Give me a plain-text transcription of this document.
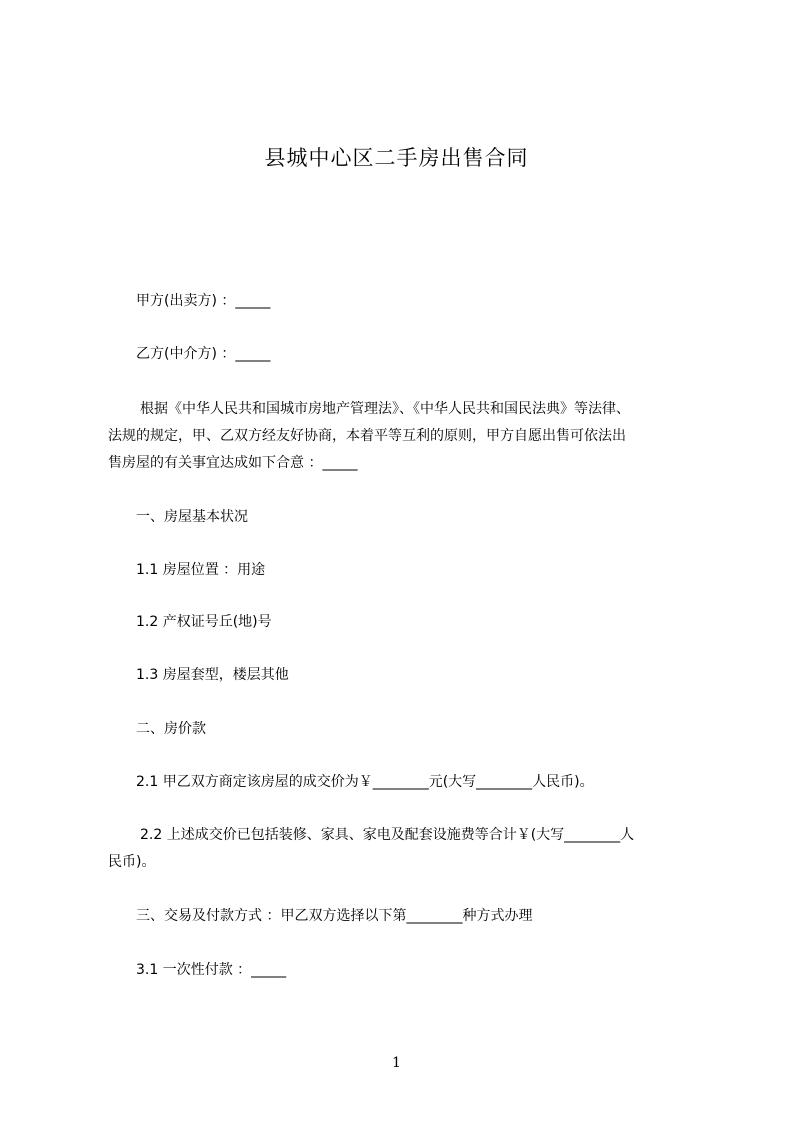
县城中心区二手房出售合同
甲方(出卖方) ：_____
乙方(中介方) ：_____
根据《中华人民共和国城市房地产管理法》、《中华人民共和国民法典》等法律、
法规的规定，甲、乙双方经友好协商，本着平等互利的原则，甲方自愿出售可依法出
售房屋的有关事宜达成如下合意 ：_____
一、房屋基本状况
1.1 房屋位置 ：用途
1.2 产权证号丘(地)号
1.3 房屋套型，楼层其他
二、房价款
2.1 甲乙双方商定该房屋的成交价为￥________元(大写________人民币)。
2.2 上述成交价已包括装修、家具、家电及配套设施费等合计￥(大写________人
民币)。
三、交易及付款方式 ：甲乙双方选择以下第________种方式办理
3.1 一次性付款 ：_____
1
